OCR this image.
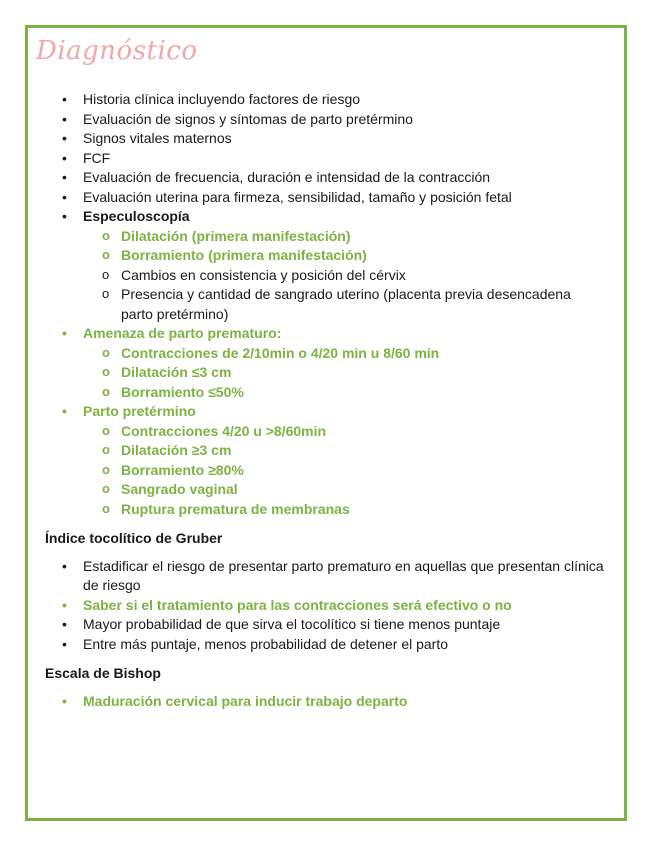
Diagnóstico
• Historia clínica incluyendo factores de riesgo
• Evaluación de signos y síntomas de parto pretérmino
• Signos vitales maternos
• FCF
• Evaluación de frecuencia, duración e intensidad de la contracción
• Evaluación uterina para firmeza, sensibilidad, tamaño y posición fetal
• Especuloscopía
o Dilatación (primera manifestación)
o Borramiento (primera manifestación)
o Cambios en consistencia y posición del cérvix
o Presencia y cantidad de sangrado uterino (placenta previa desencadena parto pretérmino)
• Amenaza de parto prematuro:
o Contracciones de 2/10min o 4/20 min u 8/60 min
o Dilatación ≤3 cm
o Borramiento ≤50%
• Parto pretérmino
o Contracciones 4/20 u >8/60min
o Dilatación ≥3 cm
o Borramiento ≥80%
o Sangrado vaginal
o Ruptura prematura de membranas
Índice tocolítico de Gruber
• Estadificar el riesgo de presentar parto prematuro en aquellas que presentan clínica de riesgo
• Saber si el tratamiento para las contracciones será efectivo o no
• Mayor probabilidad de que sirva el tocolítico si tiene menos puntaje
• Entre más puntaje, menos probabilidad de detener el parto
Escala de Bishop
• Maduración cervical para inducir trabajo departo
